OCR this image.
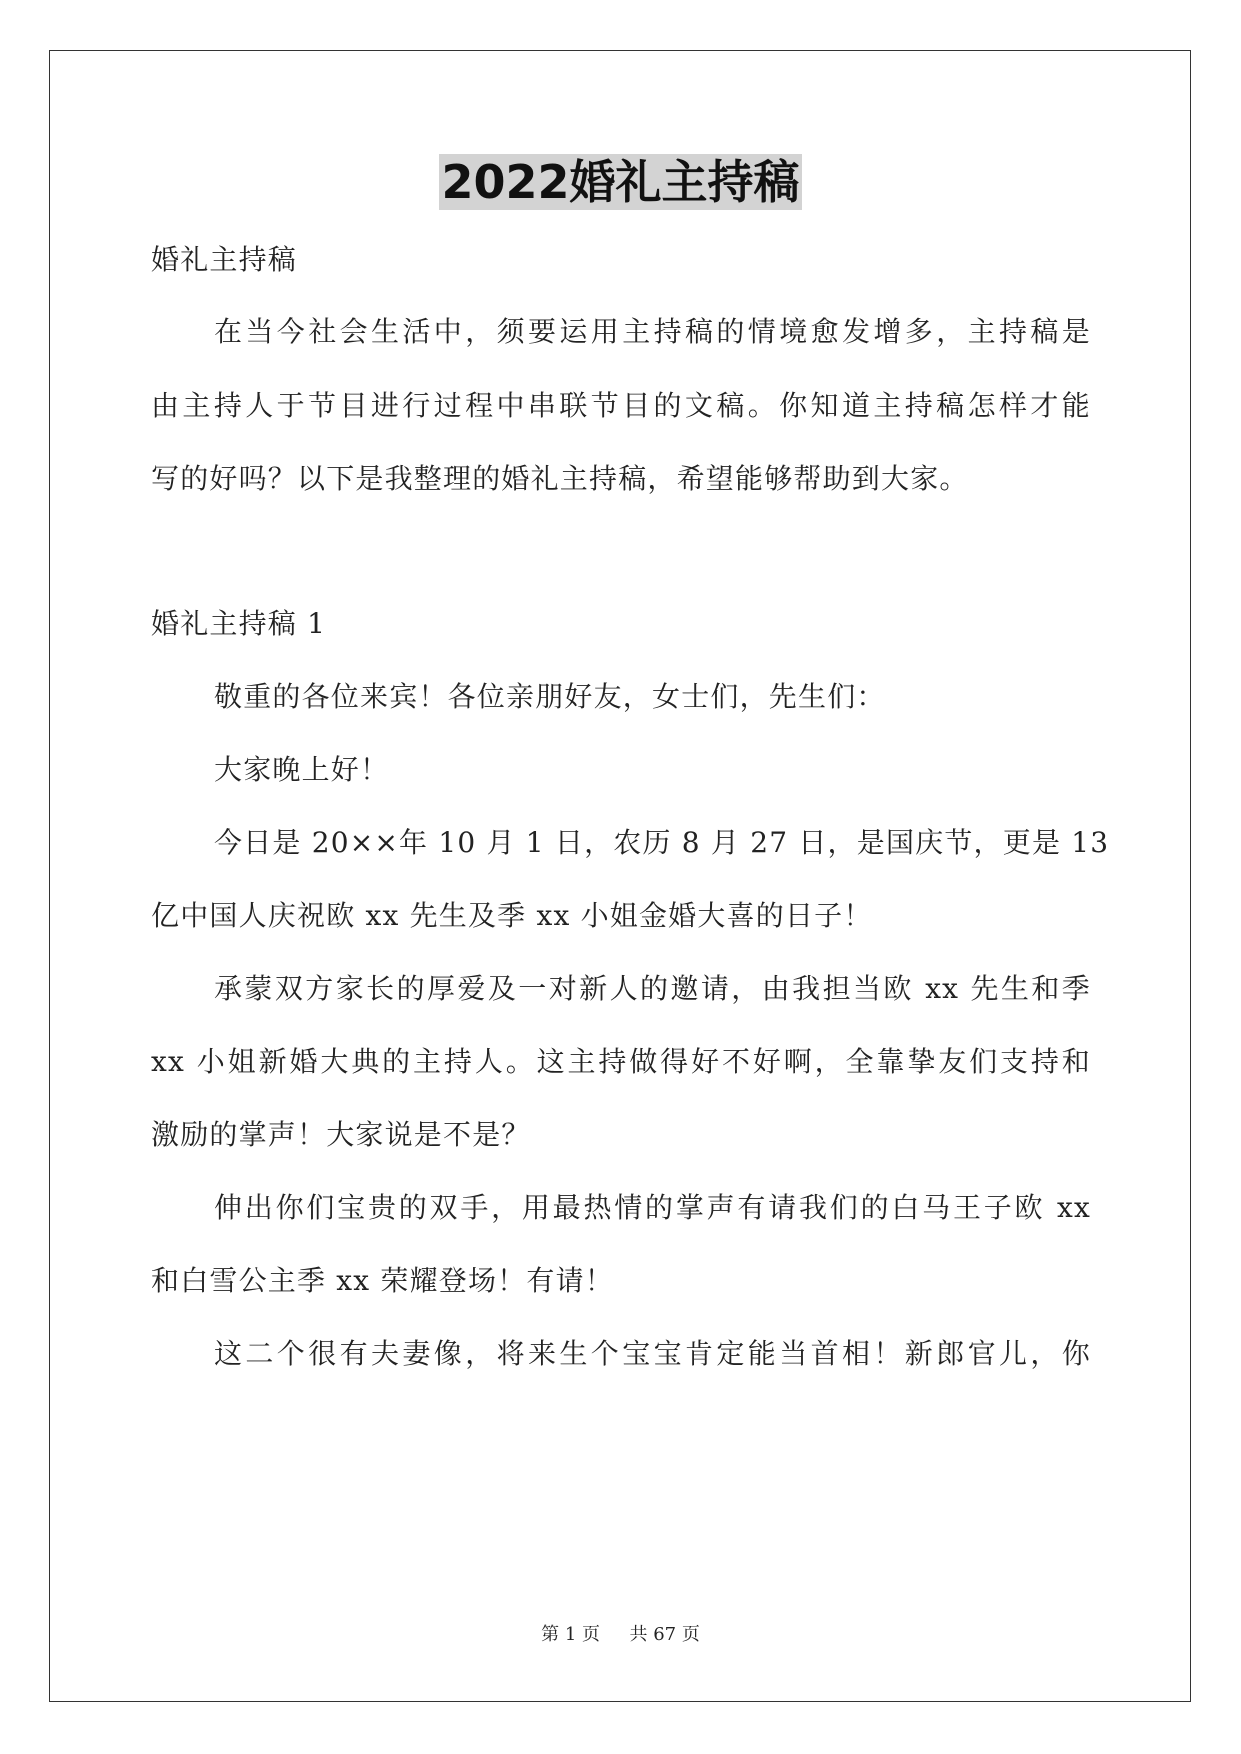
2022婚礼主持稿
婚礼主持稿
在当今社会生活中，须要运用主持稿的情境愈发增多，主持稿是
由主持人于节目进行过程中串联节目的文稿。你知道主持稿怎样才能
写的好吗？以下是我整理的婚礼主持稿，希望能够帮助到大家。
婚礼主持稿 1
敬重的各位来宾！各位亲朋好友，女士们，先生们：
大家晚上好！
今日是 20××年 10 月 1 日，农历 8 月 27 日，是国庆节，更是 13
亿中国人庆祝欧 xx 先生及季 xx 小姐金婚大喜的日子！
承蒙双方家长的厚爱及一对新人的邀请，由我担当欧 xx 先生和季
xx 小姐新婚大典的主持人。这主持做得好不好啊，全靠挚友们支持和
激励的掌声！大家说是不是？
伸出你们宝贵的双手，用最热情的掌声有请我们的白马王子欧 xx
和白雪公主季 xx 荣耀登场！有请！
这二个很有夫妻像，将来生个宝宝肯定能当首相！新郎官儿，你
第 1 页 共 67 页
